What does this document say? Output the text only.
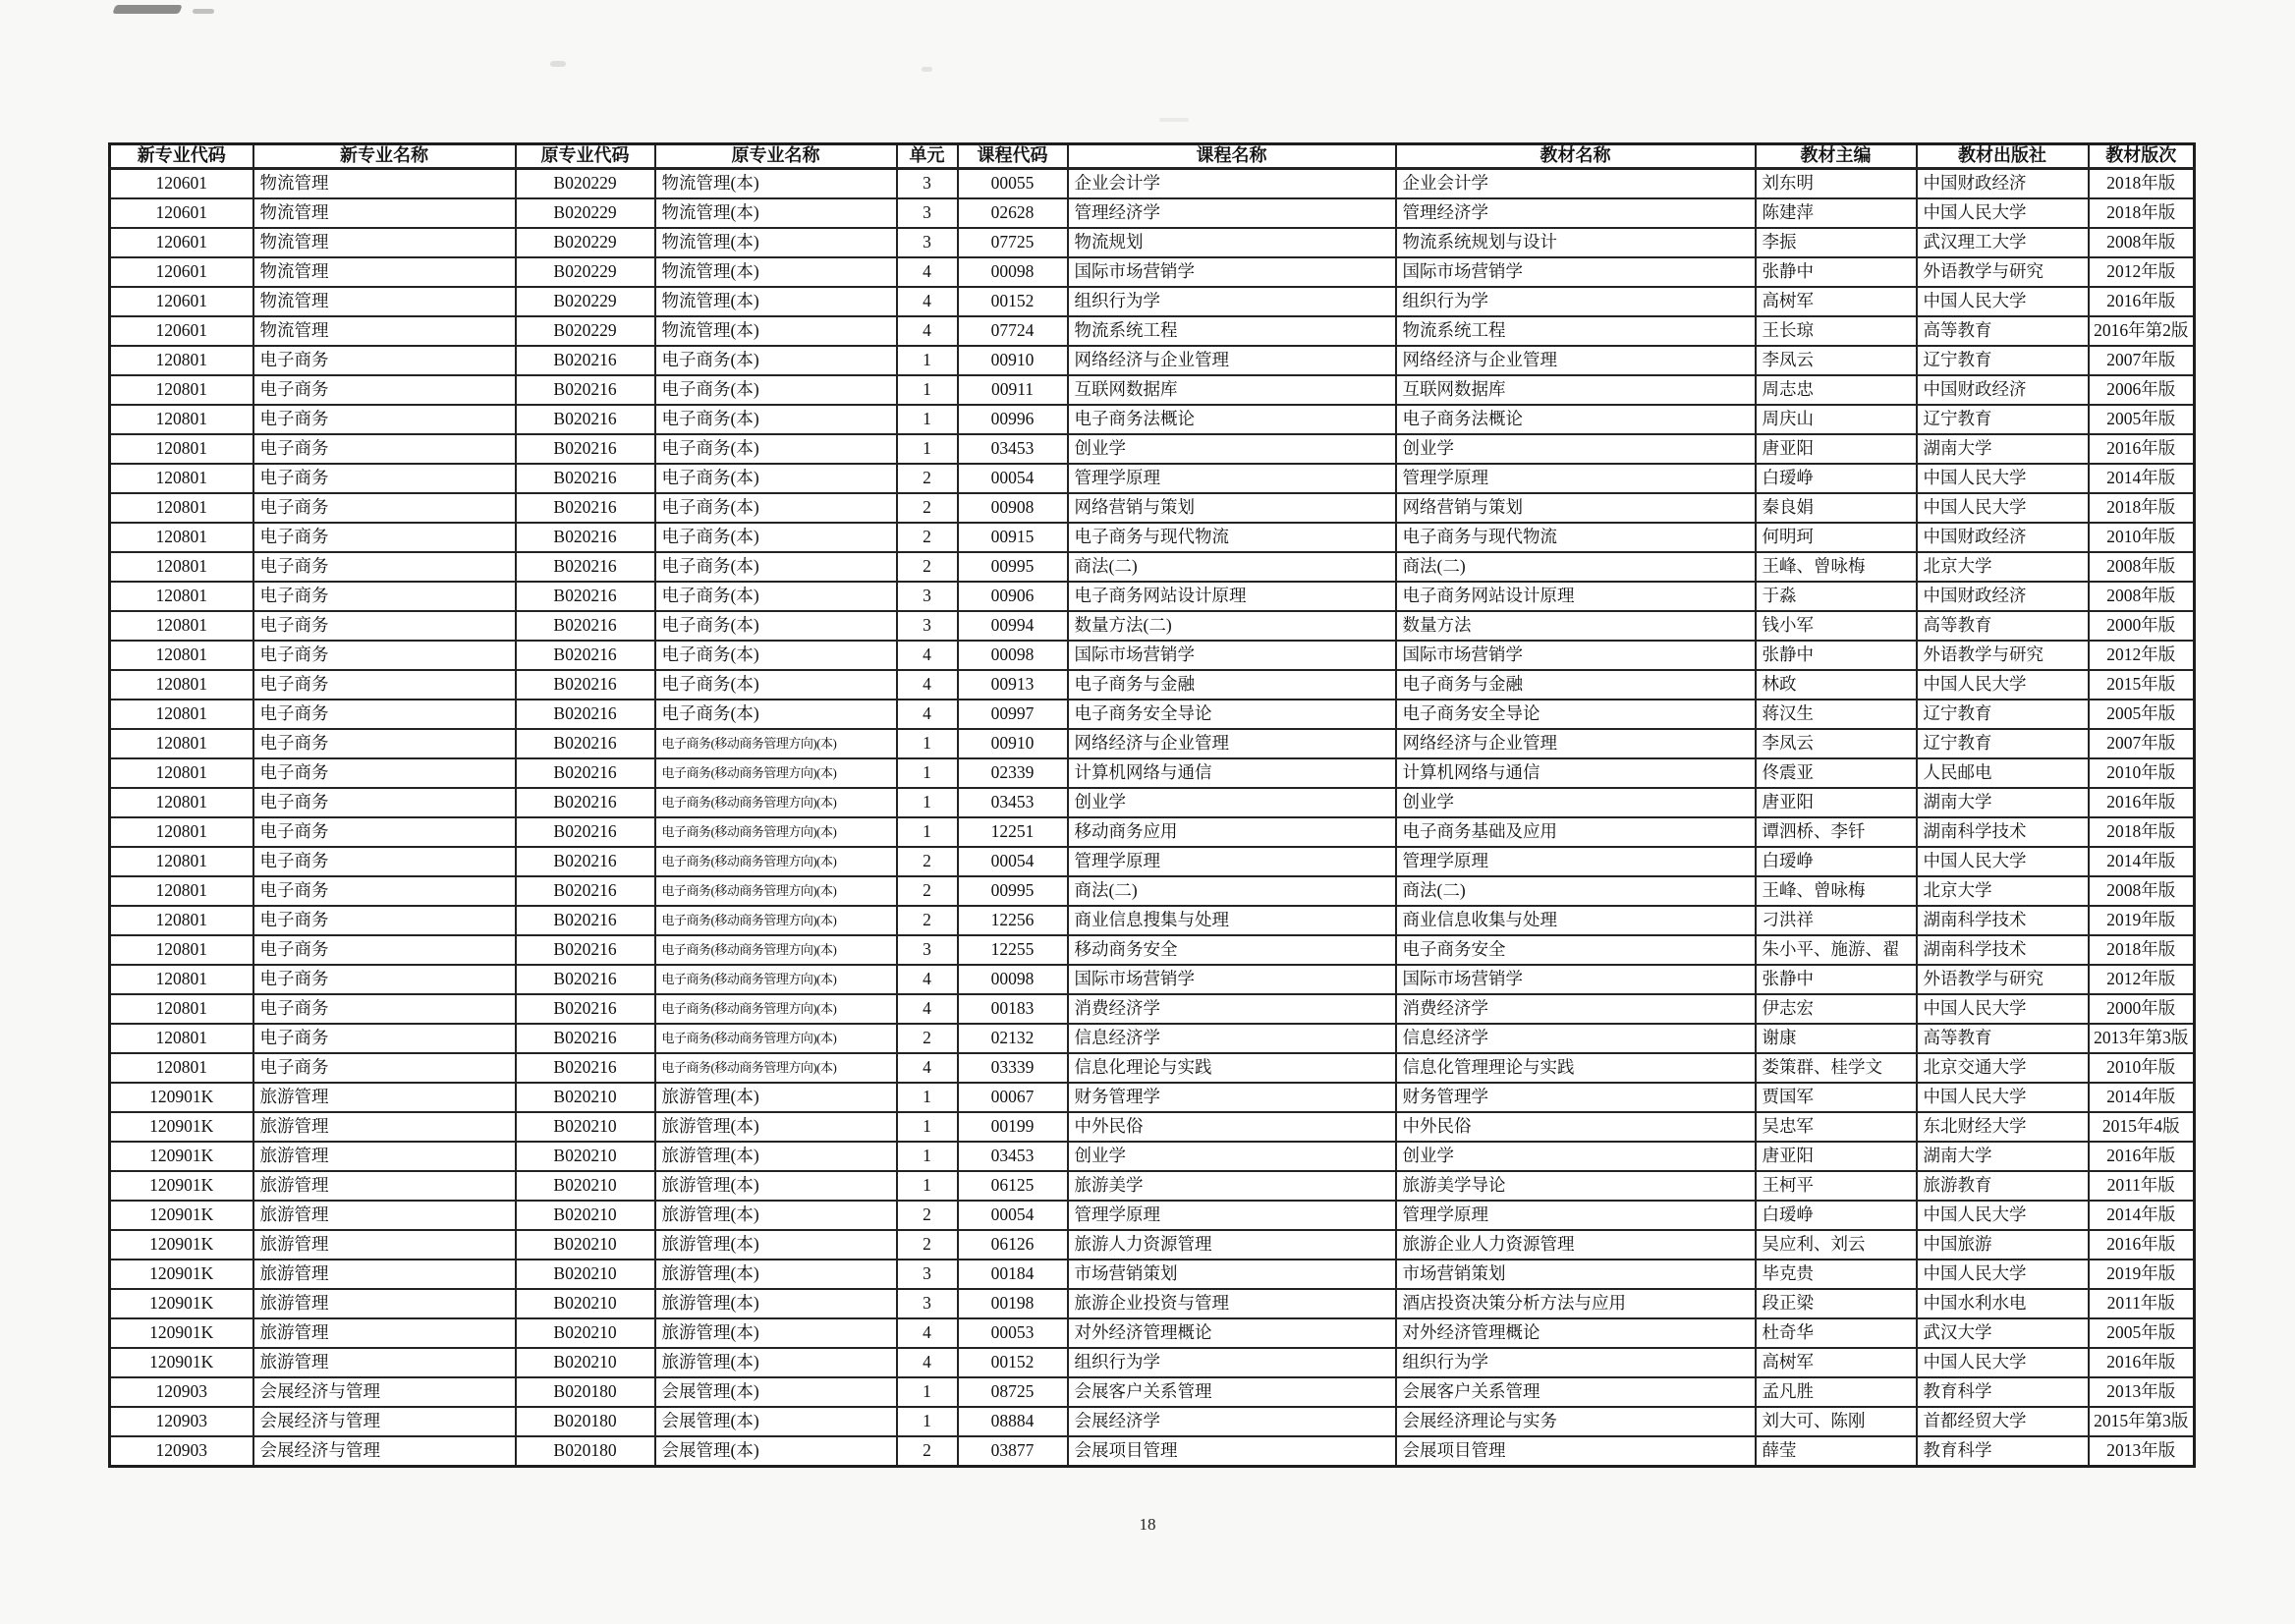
新专业代码	新专业名称	原专业代码	原专业名称	单元	课程代码	课程名称	教材名称	教材主编	教材出版社	教材版次
120601	物流管理	B020229	物流管理(本)	3	00055	企业会计学	企业会计学	刘东明	中国财政经济	2018年版
120601	物流管理	B020229	物流管理(本)	3	02628	管理经济学	管理经济学	陈建萍	中国人民大学	2018年版
120601	物流管理	B020229	物流管理(本)	3	07725	物流规划	物流系统规划与设计	李振	武汉理工大学	2008年版
120601	物流管理	B020229	物流管理(本)	4	00098	国际市场营销学	国际市场营销学	张静中	外语教学与研究	2012年版
120601	物流管理	B020229	物流管理(本)	4	00152	组织行为学	组织行为学	高树军	中国人民大学	2016年版
120601	物流管理	B020229	物流管理(本)	4	07724	物流系统工程	物流系统工程	王长琼	高等教育	2016年第2版
120801	电子商务	B020216	电子商务(本)	1	00910	网络经济与企业管理	网络经济与企业管理	李凤云	辽宁教育	2007年版
120801	电子商务	B020216	电子商务(本)	1	00911	互联网数据库	互联网数据库	周志忠	中国财政经济	2006年版
120801	电子商务	B020216	电子商务(本)	1	00996	电子商务法概论	电子商务法概论	周庆山	辽宁教育	2005年版
120801	电子商务	B020216	电子商务(本)	1	03453	创业学	创业学	唐亚阳	湖南大学	2016年版
120801	电子商务	B020216	电子商务(本)	2	00054	管理学原理	管理学原理	白瑷峥	中国人民大学	2014年版
120801	电子商务	B020216	电子商务(本)	2	00908	网络营销与策划	网络营销与策划	秦良娟	中国人民大学	2018年版
120801	电子商务	B020216	电子商务(本)	2	00915	电子商务与现代物流	电子商务与现代物流	何明珂	中国财政经济	2010年版
120801	电子商务	B020216	电子商务(本)	2	00995	商法(二)	商法(二)	王峰、曾咏梅	北京大学	2008年版
120801	电子商务	B020216	电子商务(本)	3	00906	电子商务网站设计原理	电子商务网站设计原理	于淼	中国财政经济	2008年版
120801	电子商务	B020216	电子商务(本)	3	00994	数量方法(二)	数量方法	钱小军	高等教育	2000年版
120801	电子商务	B020216	电子商务(本)	4	00098	国际市场营销学	国际市场营销学	张静中	外语教学与研究	2012年版
120801	电子商务	B020216	电子商务(本)	4	00913	电子商务与金融	电子商务与金融	林政	中国人民大学	2015年版
120801	电子商务	B020216	电子商务(本)	4	00997	电子商务安全导论	电子商务安全导论	蒋汉生	辽宁教育	2005年版
120801	电子商务	B020216	电子商务(移动商务管理方向)(本)	1	00910	网络经济与企业管理	网络经济与企业管理	李凤云	辽宁教育	2007年版
120801	电子商务	B020216	电子商务(移动商务管理方向)(本)	1	02339	计算机网络与通信	计算机网络与通信	佟震亚	人民邮电	2010年版
120801	电子商务	B020216	电子商务(移动商务管理方向)(本)	1	03453	创业学	创业学	唐亚阳	湖南大学	2016年版
120801	电子商务	B020216	电子商务(移动商务管理方向)(本)	1	12251	移动商务应用	电子商务基础及应用	谭泗桥、李钎	湖南科学技术	2018年版
120801	电子商务	B020216	电子商务(移动商务管理方向)(本)	2	00054	管理学原理	管理学原理	白瑷峥	中国人民大学	2014年版
120801	电子商务	B020216	电子商务(移动商务管理方向)(本)	2	00995	商法(二)	商法(二)	王峰、曾咏梅	北京大学	2008年版
120801	电子商务	B020216	电子商务(移动商务管理方向)(本)	2	12256	商业信息搜集与处理	商业信息收集与处理	刁洪祥	湖南科学技术	2019年版
120801	电子商务	B020216	电子商务(移动商务管理方向)(本)	3	12255	移动商务安全	电子商务安全	朱小平、施游、翟	湖南科学技术	2018年版
120801	电子商务	B020216	电子商务(移动商务管理方向)(本)	4	00098	国际市场营销学	国际市场营销学	张静中	外语教学与研究	2012年版
120801	电子商务	B020216	电子商务(移动商务管理方向)(本)	4	00183	消费经济学	消费经济学	伊志宏	中国人民大学	2000年版
120801	电子商务	B020216	电子商务(移动商务管理方向)(本)	2	02132	信息经济学	信息经济学	谢康	高等教育	2013年第3版
120801	电子商务	B020216	电子商务(移动商务管理方向)(本)	4	03339	信息化理论与实践	信息化管理理论与实践	娄策群、桂学文	北京交通大学	2010年版
120901K	旅游管理	B020210	旅游管理(本)	1	00067	财务管理学	财务管理学	贾国军	中国人民大学	2014年版
120901K	旅游管理	B020210	旅游管理(本)	1	00199	中外民俗	中外民俗	吴忠军	东北财经大学	2015年4版
120901K	旅游管理	B020210	旅游管理(本)	1	03453	创业学	创业学	唐亚阳	湖南大学	2016年版
120901K	旅游管理	B020210	旅游管理(本)	1	06125	旅游美学	旅游美学导论	王柯平	旅游教育	2011年版
120901K	旅游管理	B020210	旅游管理(本)	2	00054	管理学原理	管理学原理	白瑷峥	中国人民大学	2014年版
120901K	旅游管理	B020210	旅游管理(本)	2	06126	旅游人力资源管理	旅游企业人力资源管理	吴应利、刘云	中国旅游	2016年版
120901K	旅游管理	B020210	旅游管理(本)	3	00184	市场营销策划	市场营销策划	毕克贵	中国人民大学	2019年版
120901K	旅游管理	B020210	旅游管理(本)	3	00198	旅游企业投资与管理	酒店投资决策分析方法与应用	段正梁	中国水利水电	2011年版
120901K	旅游管理	B020210	旅游管理(本)	4	00053	对外经济管理概论	对外经济管理概论	杜奇华	武汉大学	2005年版
120901K	旅游管理	B020210	旅游管理(本)	4	00152	组织行为学	组织行为学	高树军	中国人民大学	2016年版
120903	会展经济与管理	B020180	会展管理(本)	1	08725	会展客户关系管理	会展客户关系管理	孟凡胜	教育科学	2013年版
120903	会展经济与管理	B020180	会展管理(本)	1	08884	会展经济学	会展经济理论与实务	刘大可、陈刚	首都经贸大学	2015年第3版
120903	会展经济与管理	B020180	会展管理(本)	2	03877	会展项目管理	会展项目管理	薛莹	教育科学	2013年版
18
